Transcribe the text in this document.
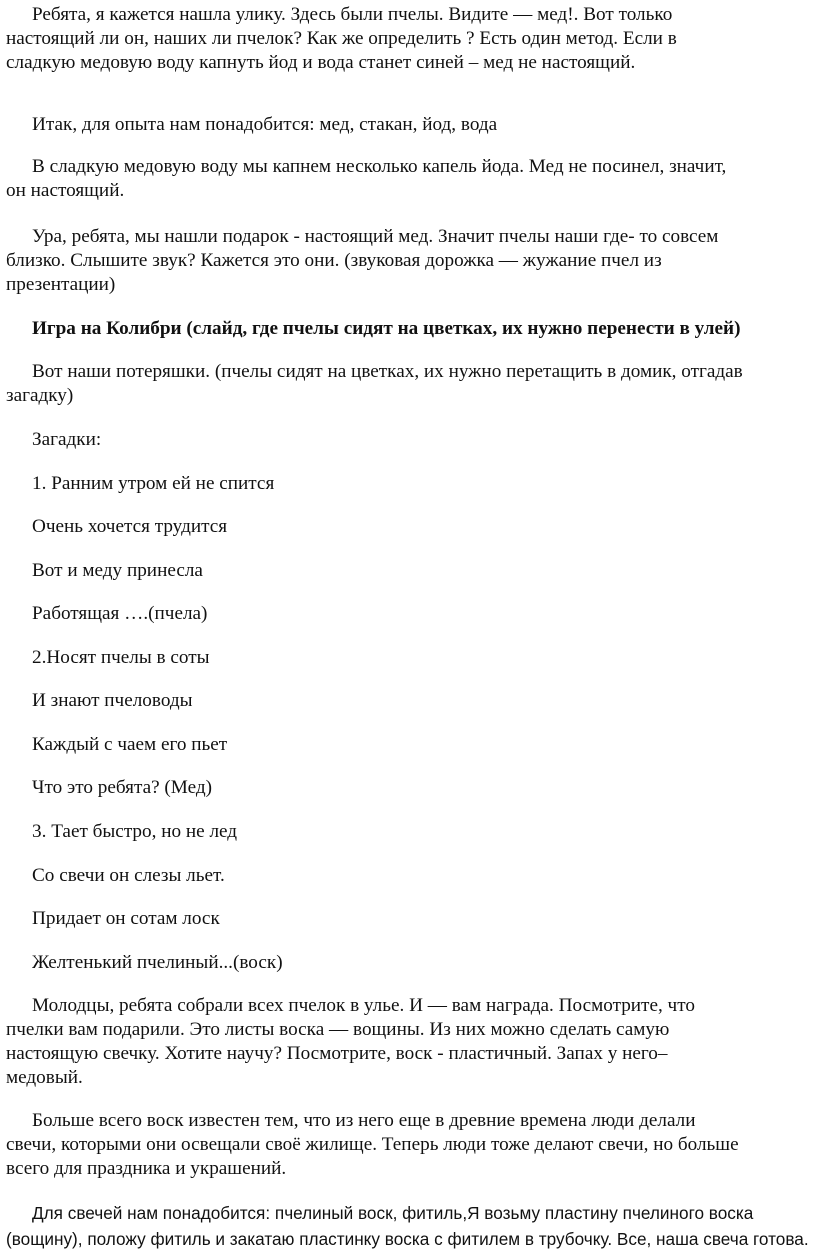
Ребята, я кажется нашла улику. Здесь были пчелы. Видите — мед!. Вот только
настоящий ли он, наших ли пчелок? Как же определить ? Есть один метод. Если в
сладкую медовую воду капнуть йод и вода станет синей – мед не настоящий.

Итак, для опыта нам понадобится: мед, стакан, йод, вода

В сладкую медовую воду мы капнем несколько капель йода. Мед не посинел, значит,
он настоящий.

Ура, ребята, мы нашли подарок - настоящий мед. Значит пчелы наши где- то совсем
близко. Слышите звук? Кажется это они. (звуковая дорожка — жужание пчел из
презентации)

Игра на Колибри (слайд, где пчелы сидят на цветках, их нужно перенести в улей)

Вот наши потеряшки. (пчелы сидят на цветках, их нужно перетащить в домик, отгадав
загадку)

Загадки:

1. Ранним утром ей не спится

Очень хочется трудится

Вот и меду принесла

Работящая ….(пчела)

2.Носят пчелы в соты

И знают пчеловоды

Каждый с чаем его пьет

Что это ребята? (Мед)

3. Тает быстро, но не лед

Со свечи он слезы льет.

Придает он сотам лоск

Желтенький пчелиный...(воск)

Молодцы, ребята собрали всех пчелок в улье. И — вам награда. Посмотрите, что
пчелки вам подарили. Это листы воска — вощины. Из них можно сделать самую
настоящую свечку. Хотите научу? Посмотрите, воск - пластичный. Запах у него–
медовый.

Больше всего воск известен тем, что из него еще в древние времена люди делали
свечи, которыми они освещали своё жилище. Теперь люди тоже делают свечи, но больше
всего для праздника и украшений.

Для свечей нам понадобится: пчелиный воск, фитиль,Я возьму пластину пчелиного воска
(вощину), положу фитиль и закатаю пластинку воска с фитилем в трубочку. Все, наша свеча готова.
